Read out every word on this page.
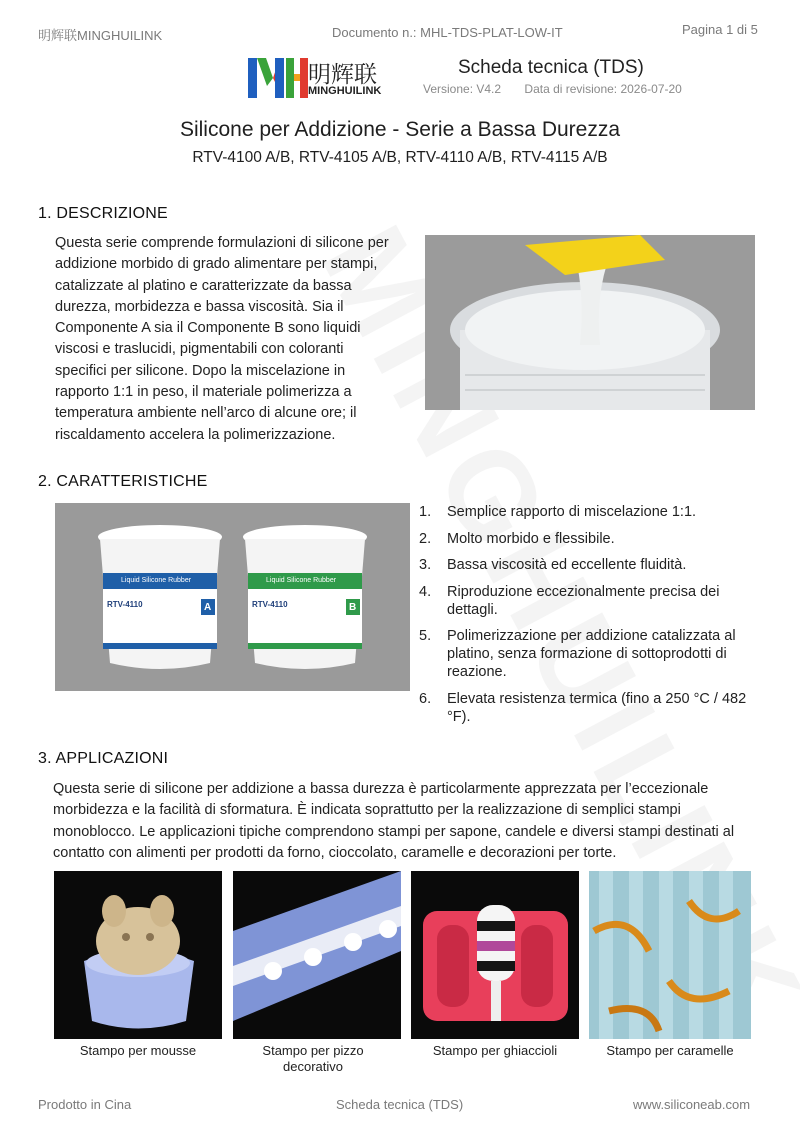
明辉联MINGHUILINK	Documento n.: MHL-TDS-PLAT-LOW-IT	Pagina 1 di 5
明辉联
MINGHUILINK
Scheda tecnica (TDS)
Versione: V4.2 Data di revisione: 2026-07-20
Silicone per Addizione - Serie a Bassa Durezza
RTV-4100 A/B, RTV-4105 A/B, RTV-4110 A/B, RTV-4115 A/B
1. DESCRIZIONE
Questa serie comprende formulazioni di silicone per
addizione morbido di grado alimentare per stampi,
catalizzate al platino e caratterizzate da bassa
durezza, morbidezza e bassa viscosità. Sia il
Componente A sia il Componente B sono liquidi
viscosi e traslucidi, pigmentabili con coloranti
specifici per silicone. Dopo la miscelazione in
rapporto 1:1 in peso, il materiale polimerizza a
temperatura ambiente nell’arco di alcune ore; il
riscaldamento accelera la polimerizzazione.
2. CARATTERISTICHE
Liquid Silicone Rubber
RTV-4110	A
Liquid Silicone Rubber
RTV-4110	B
1. Semplice rapporto di miscelazione 1:1.
2. Molto morbido e flessibile.
3. Bassa viscosità ed eccellente fluidità.
4. Riproduzione eccezionalmente precisa dei dettagli.
5. Polimerizzazione per addizione catalizzata al platino, senza formazione di sottoprodotti di reazione.
6. Elevata resistenza termica (fino a 250 °C / 482 °F).
3. APPLICAZIONI
Questa serie di silicone per addizione a bassa durezza è particolarmente apprezzata per l’eccezionale
morbidezza e la facilità di sformatura. È indicata soprattutto per la realizzazione di semplici stampi
monoblocco. Le applicazioni tipiche comprendono stampi per sapone, candele e diversi stampi destinati al
contatto con alimenti per prodotti da forno, cioccolato, caramelle e decorazioni per torte.
Stampo per mousse	Stampo per pizzo decorativo
Stampo per ghiaccioli	Stampo per caramelle
Prodotto in Cina	Scheda tecnica (TDS)	www.siliconeab.com
